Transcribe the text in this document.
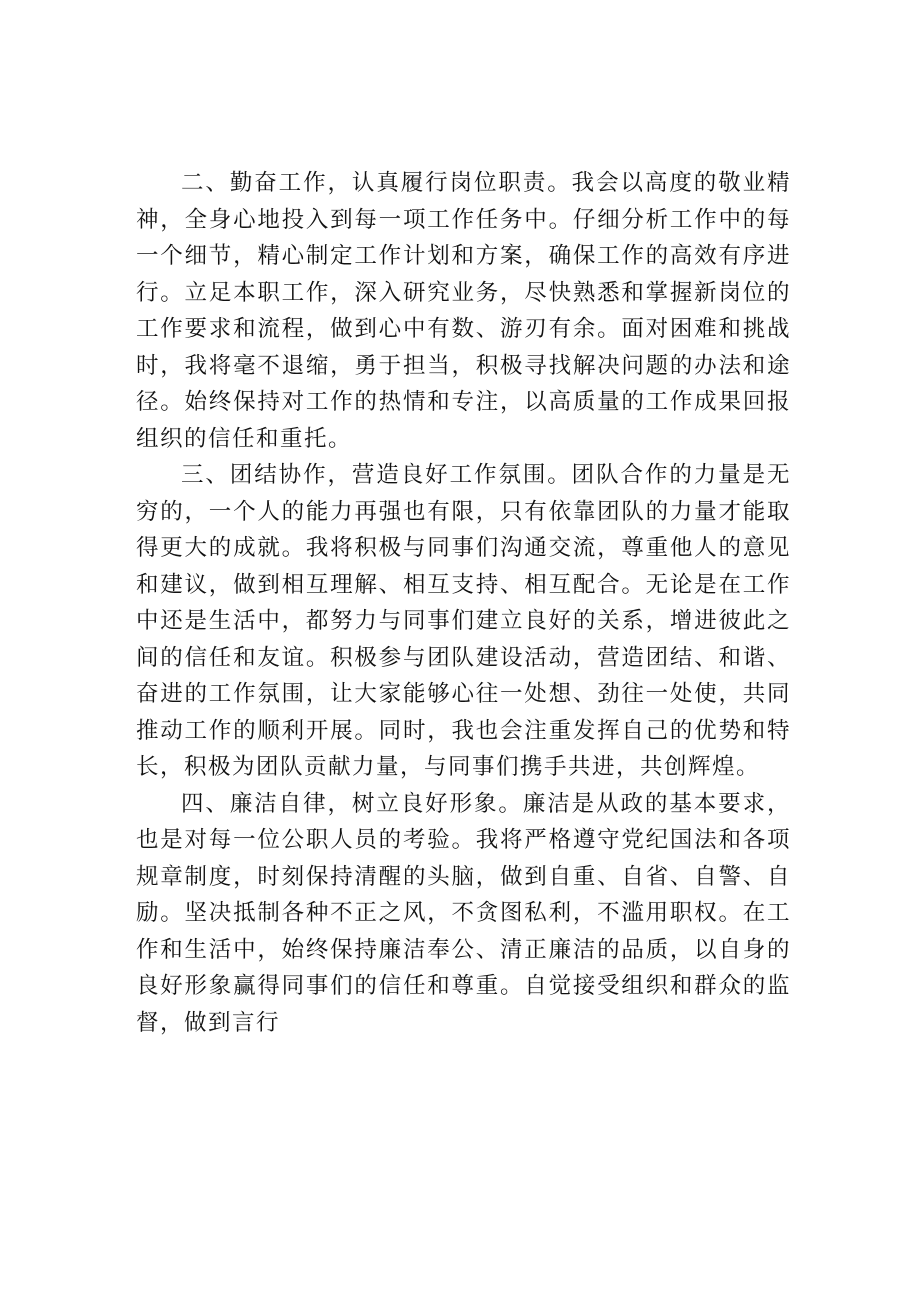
二、勤奋工作，认真履行岗位职责。我会以高度的敬业精神，全身心地投入到每一项工作任务中。仔细分析工作中的每一个细节，精心制定工作计划和方案，确保工作的高效有序进行。立足本职工作，深入研究业务，尽快熟悉和掌握新岗位的工作要求和流程，做到心中有数、游刃有余。面对困难和挑战时，我将毫不退缩，勇于担当，积极寻找解决问题的办法和途径。始终保持对工作的热情和专注，以高质量的工作成果回报组织的信任和重托。

三、团结协作，营造良好工作氛围。团队合作的力量是无穷的，一个人的能力再强也有限，只有依靠团队的力量才能取得更大的成就。我将积极与同事们沟通交流，尊重他人的意见和建议，做到相互理解、相互支持、相互配合。无论是在工作中还是生活中，都努力与同事们建立良好的关系，增进彼此之间的信任和友谊。积极参与团队建设活动，营造团结、和谐、奋进的工作氛围，让大家能够心往一处想、劲往一处使，共同推动工作的顺利开展。同时，我也会注重发挥自己的优势和特长，积极为团队贡献力量，与同事们携手共进，共创辉煌。

四、廉洁自律，树立良好形象。廉洁是从政的基本要求，也是对每一位公职人员的考验。我将严格遵守党纪国法和各项规章制度，时刻保持清醒的头脑，做到自重、自省、自警、自励。坚决抵制各种不正之风，不贪图私利，不滥用职权。在工作和生活中，始终保持廉洁奉公、清正廉洁的品质，以自身的良好形象赢得同事们的信任和尊重。自觉接受组织和群众的监督，做到言行
